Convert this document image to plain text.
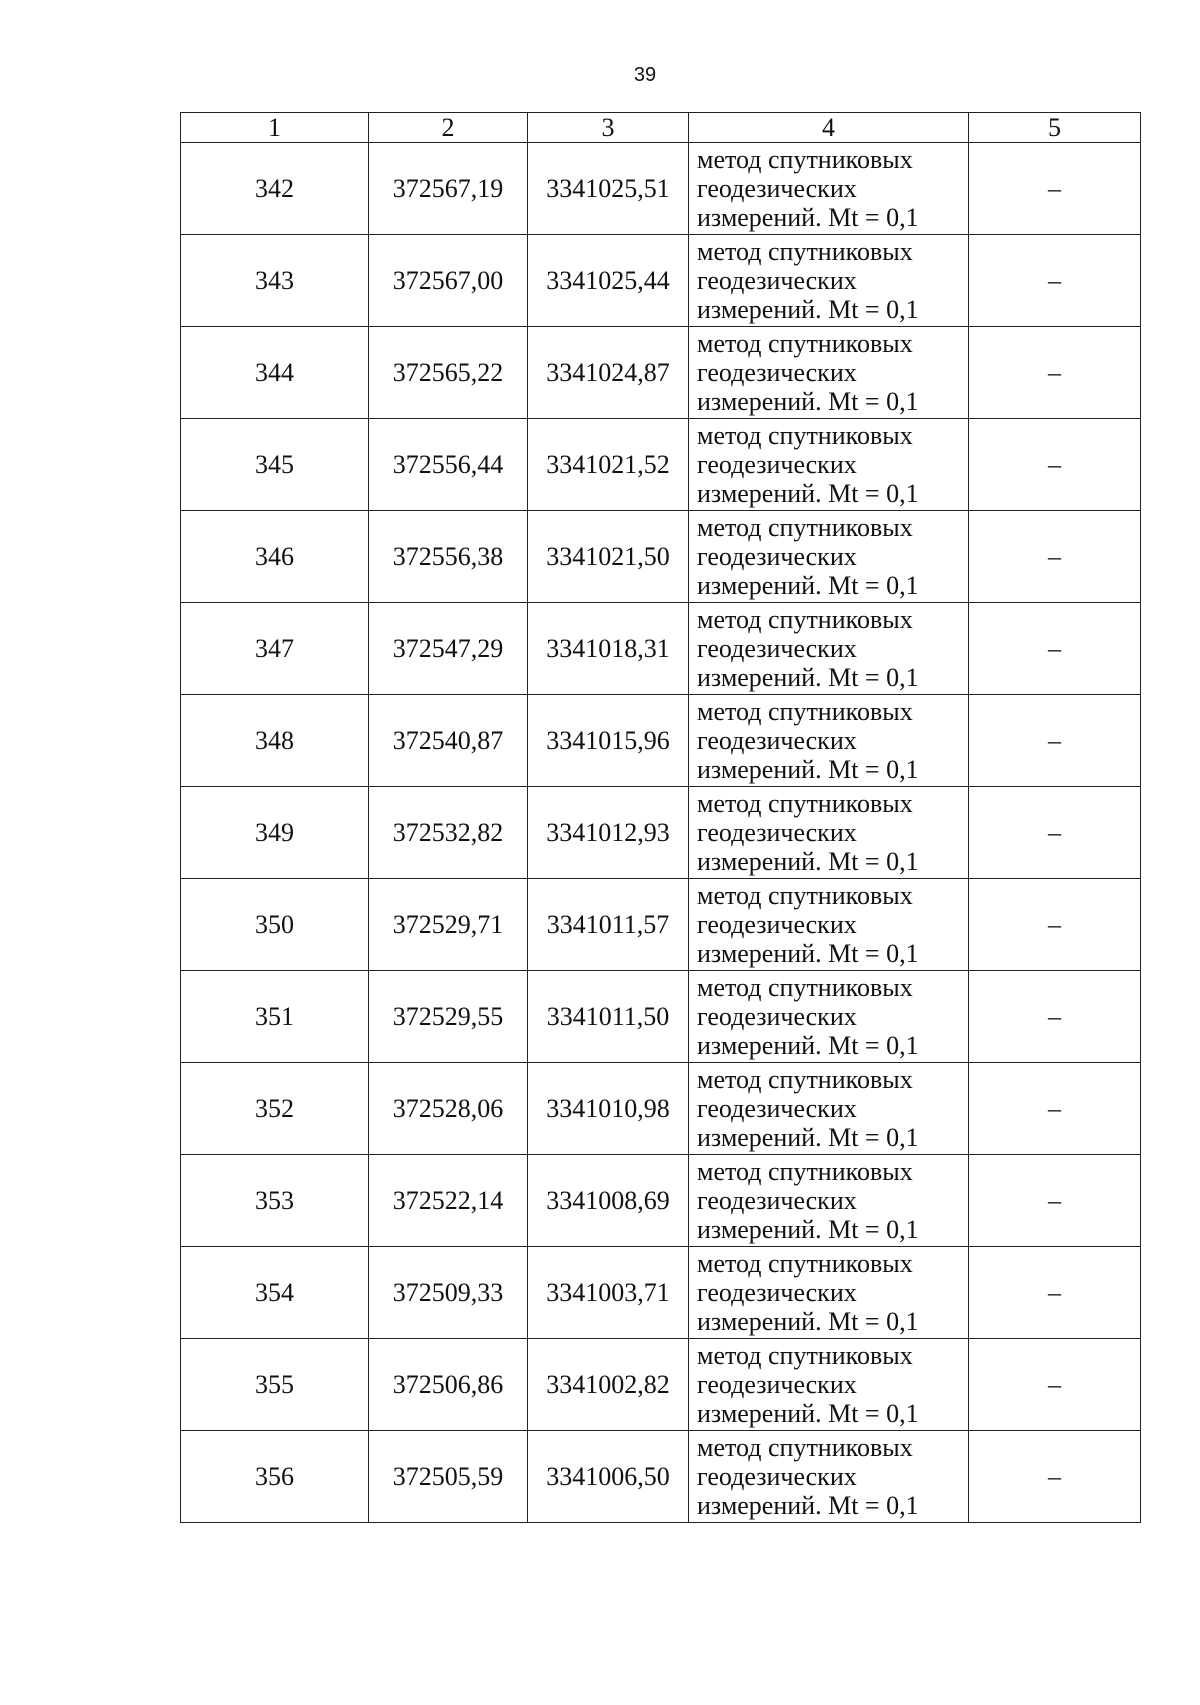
39
1	2	3	4	5
342	372567,19	3341025,51	метод спутниковых
геодезических
измерений. Mt = 0,1	–
343	372567,00	3341025,44	метод спутниковых
геодезических
измерений. Mt = 0,1	–
344	372565,22	3341024,87	метод спутниковых
геодезических
измерений. Mt = 0,1	–
345	372556,44	3341021,52	метод спутниковых
геодезических
измерений. Mt = 0,1	–
346	372556,38	3341021,50	метод спутниковых
геодезических
измерений. Mt = 0,1	–
347	372547,29	3341018,31	метод спутниковых
геодезических
измерений. Mt = 0,1	–
348	372540,87	3341015,96	метод спутниковых
геодезических
измерений. Mt = 0,1	–
349	372532,82	3341012,93	метод спутниковых
геодезических
измерений. Mt = 0,1	–
350	372529,71	3341011,57	метод спутниковых
геодезических
измерений. Mt = 0,1	–
351	372529,55	3341011,50	метод спутниковых
геодезических
измерений. Mt = 0,1	–
352	372528,06	3341010,98	метод спутниковых
геодезических
измерений. Mt = 0,1	–
353	372522,14	3341008,69	метод спутниковых
геодезических
измерений. Mt = 0,1	–
354	372509,33	3341003,71	метод спутниковых
геодезических
измерений. Mt = 0,1	–
355	372506,86	3341002,82	метод спутниковых
геодезических
измерений. Mt = 0,1	–
356	372505,59	3341006,50	метод спутниковых
геодезических
измерений. Mt = 0,1	–
